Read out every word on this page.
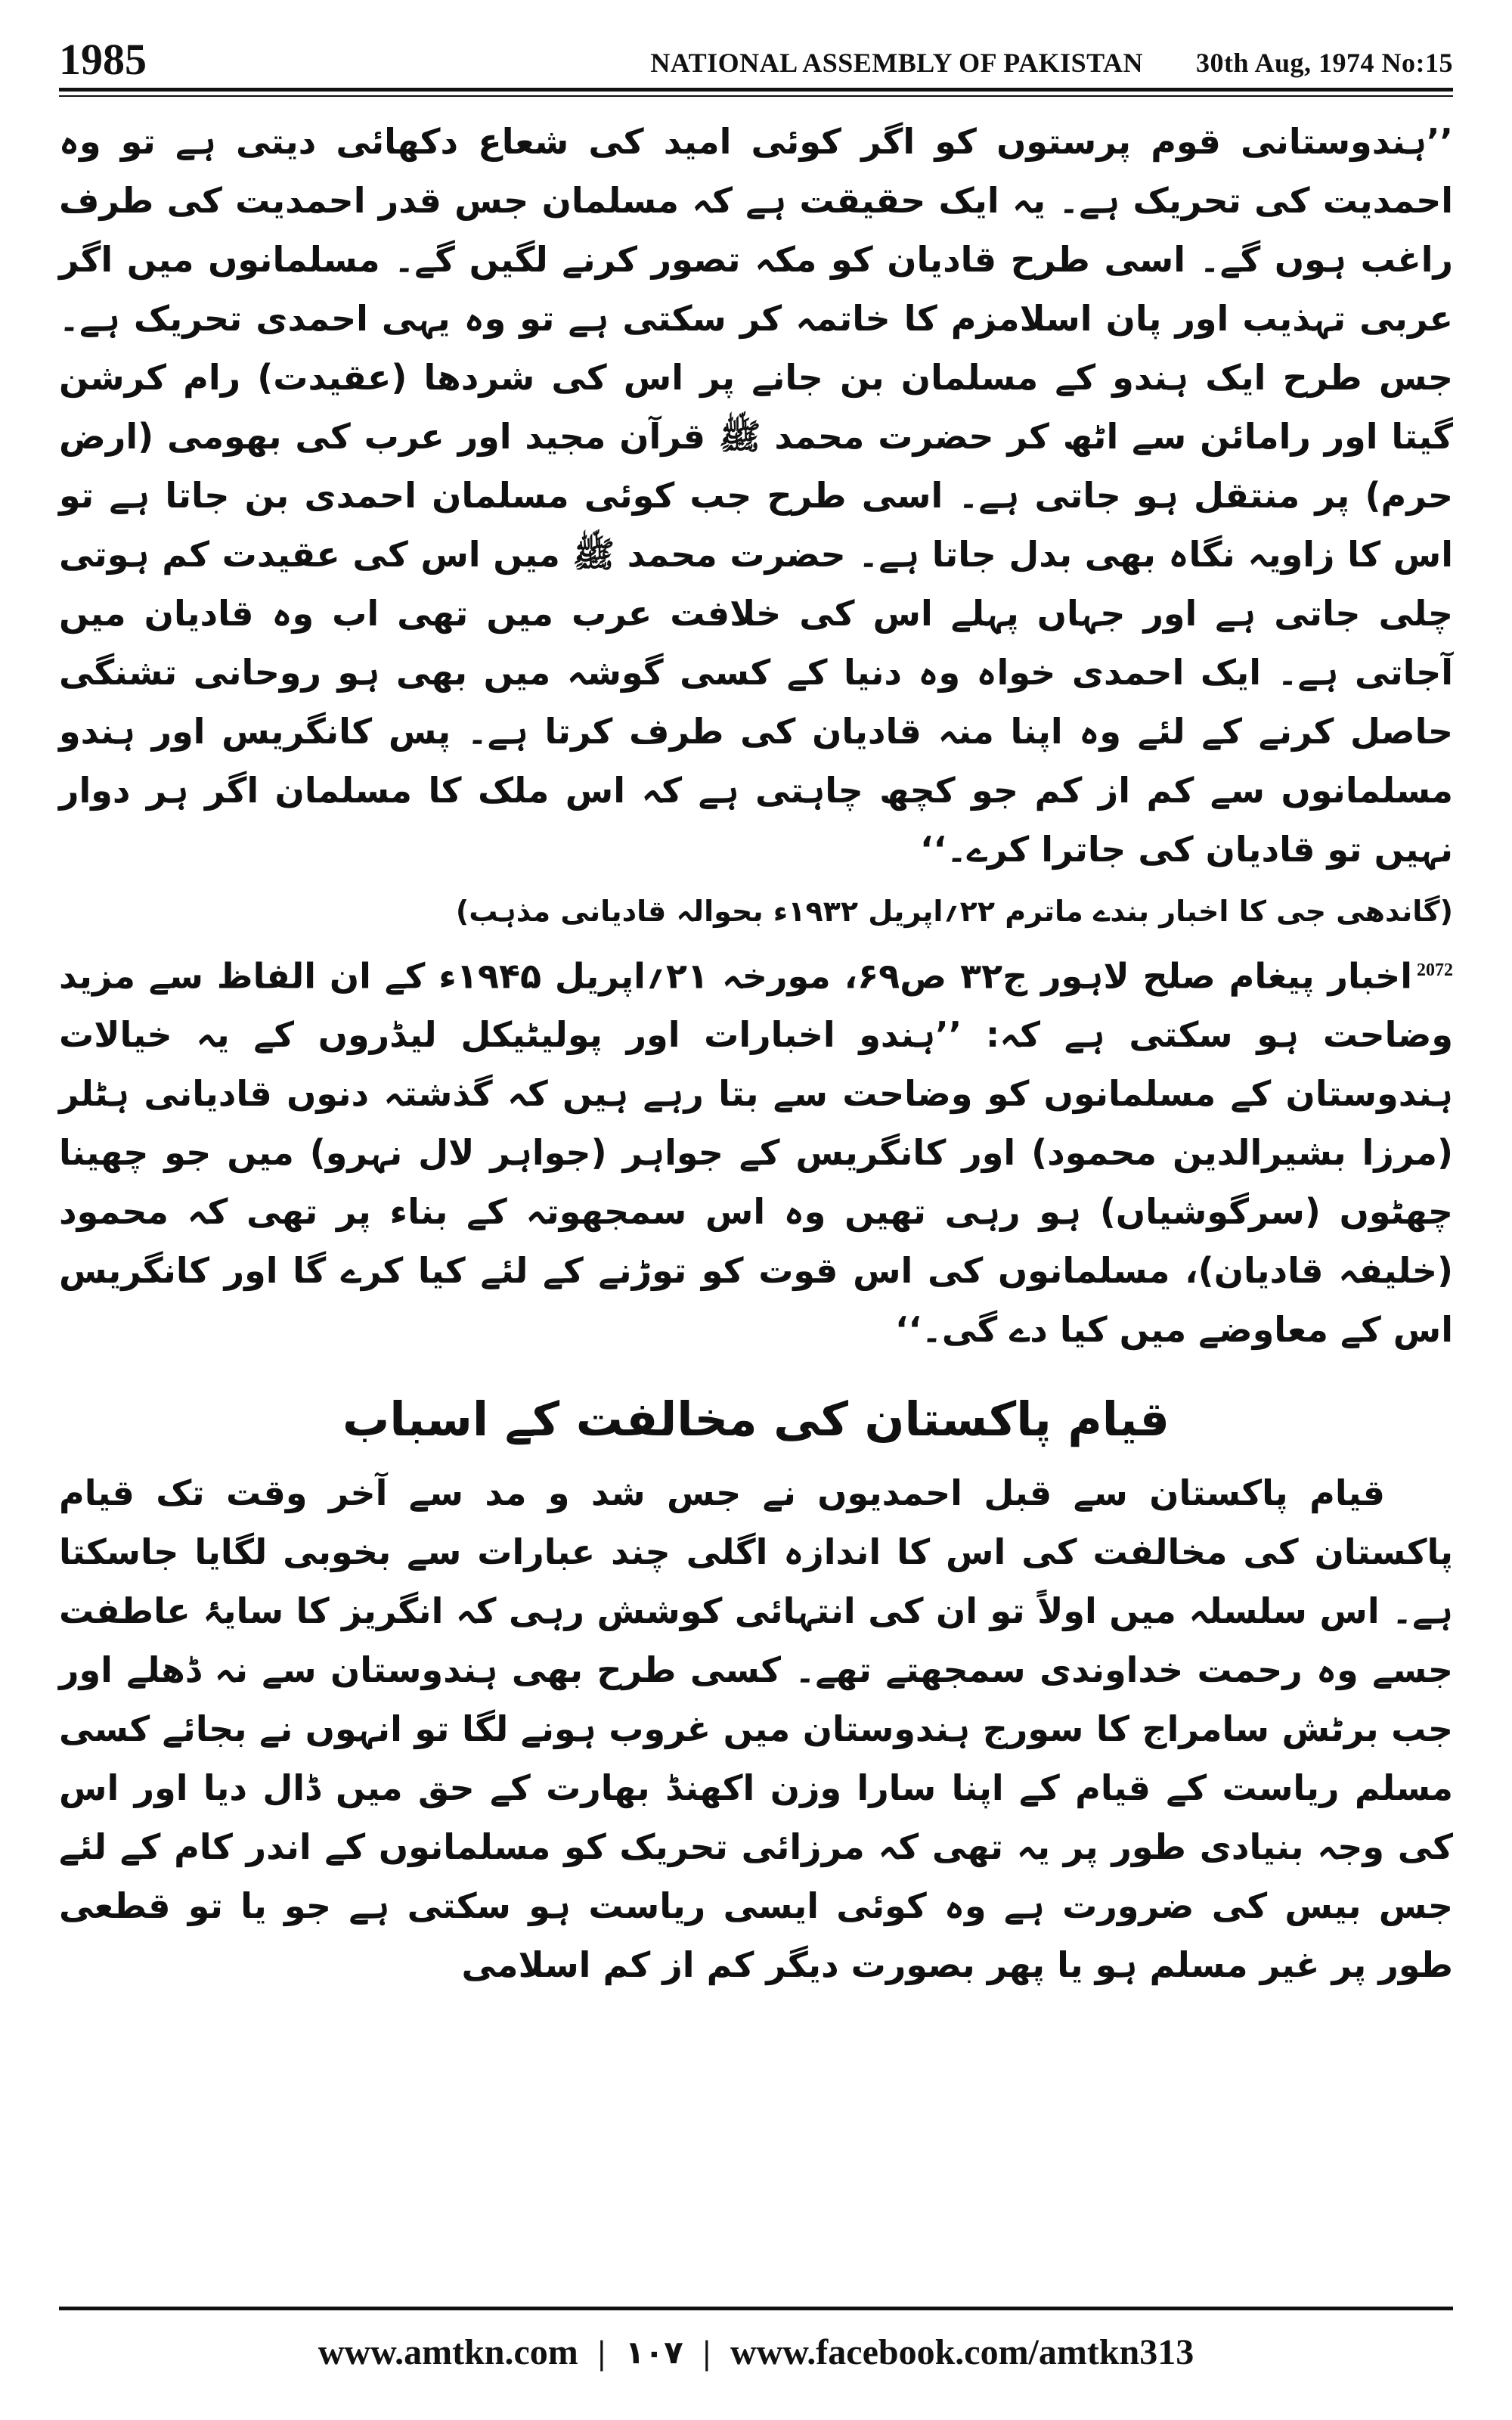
1985	NATIONAL ASSEMBLY OF PAKISTAN 30th Aug, 1974 No:15

’’ہندوستانی قوم پرستوں کو اگر کوئی امید کی شعاع دکھائی دیتی ہے تو وہ احمدیت کی تحریک ہے۔ یہ ایک حقیقت ہے کہ مسلمان جس قدر احمدیت کی طرف راغب ہوں گے۔ اسی طرح قادیان کو مکہ تصور کرنے لگیں گے۔ مسلمانوں میں اگر عربی تہذیب اور پان اسلامزم کا خاتمہ کر سکتی ہے تو وہ یہی احمدی تحریک ہے۔ جس طرح ایک ہندو کے مسلمان بن جانے پر اس کی شردھا (عقیدت) رام کرشن گیتا اور رامائن سے اٹھ کر حضرت محمد ﷺ قرآن مجید اور عرب کی بھومی (ارض حرم) پر منتقل ہو جاتی ہے۔ اسی طرح جب کوئی مسلمان احمدی بن جاتا ہے تو اس کا زاویہ نگاہ بھی بدل جاتا ہے۔ حضرت محمد ﷺ میں اس کی عقیدت کم ہوتی چلی جاتی ہے اور جہاں پہلے اس کی خلافت عرب میں تھی اب وہ قادیان میں آجاتی ہے۔ ایک احمدی خواہ وہ دنیا کے کسی گوشہ میں بھی ہو روحانی تشنگی حاصل کرنے کے لئے وہ اپنا منہ قادیان کی طرف کرتا ہے۔ پس کانگریس اور ہندو مسلمانوں سے کم از کم جو کچھ چاہتی ہے کہ اس ملک کا مسلمان اگر ہر دوار نہیں تو قادیان کی جاترا کرے۔‘‘

(گاندھی جی کا اخبار بندے ماترم ۲۲؍اپریل ۱۹۳۲ء بحوالہ قادیانی مذہب)

$^{2072}$اخبار پیغام صلح لاہور ج۳۲ ص۶۹، مورخہ ۲۱؍اپریل ۱۹۴۵ء کے ان الفاظ سے مزید وضاحت ہو سکتی ہے کہ: ’’ہندو اخبارات اور پولیٹیکل لیڈروں کے یہ خیالات ہندوستان کے مسلمانوں کو وضاحت سے بتا رہے ہیں کہ گذشتہ دنوں قادیانی ہٹلر (مرزا بشیرالدین محمود) اور کانگریس کے جواہر (جواہر لال نہرو) میں جو چھینا چھٹوں (سرگوشیاں) ہو رہی تھیں وہ اس سمجھوتہ کے بناء پر تھی کہ محمود (خلیفہ قادیان)، مسلمانوں کی اس قوت کو توڑنے کے لئے کیا کرے گا اور کانگریس اس کے معاوضے میں کیا دے گی۔‘‘

قیام پاکستان کی مخالفت کے اسباب

قیام پاکستان سے قبل احمدیوں نے جس شد و مد سے آخر وقت تک قیام پاکستان کی مخالفت کی اس کا اندازہ اگلی چند عبارات سے بخوبی لگایا جاسکتا ہے۔ اس سلسلہ میں اولاً تو ان کی انتہائی کوشش رہی کہ انگریز کا سایۂ عاطفت جسے وہ رحمت خداوندی سمجھتے تھے۔ کسی طرح بھی ہندوستان سے نہ ڈھلے اور جب برٹش سامراج کا سورج ہندوستان میں غروب ہونے لگا تو انہوں نے بجائے کسی مسلم ریاست کے قیام کے اپنا سارا وزن اکھنڈ بھارت کے حق میں ڈال دیا اور اس کی وجہ بنیادی طور پر یہ تھی کہ مرزائی تحریک کو مسلمانوں کے اندر کام کے لئے جس بیس کی ضرورت ہے وہ کوئی ایسی ریاست ہو سکتی ہے جو یا تو قطعی طور پر غیر مسلم ہو یا پھر بصورت دیگر کم از کم اسلامی

www.amtkn.com | ۱۰۷ | www.facebook.com/amtkn313
